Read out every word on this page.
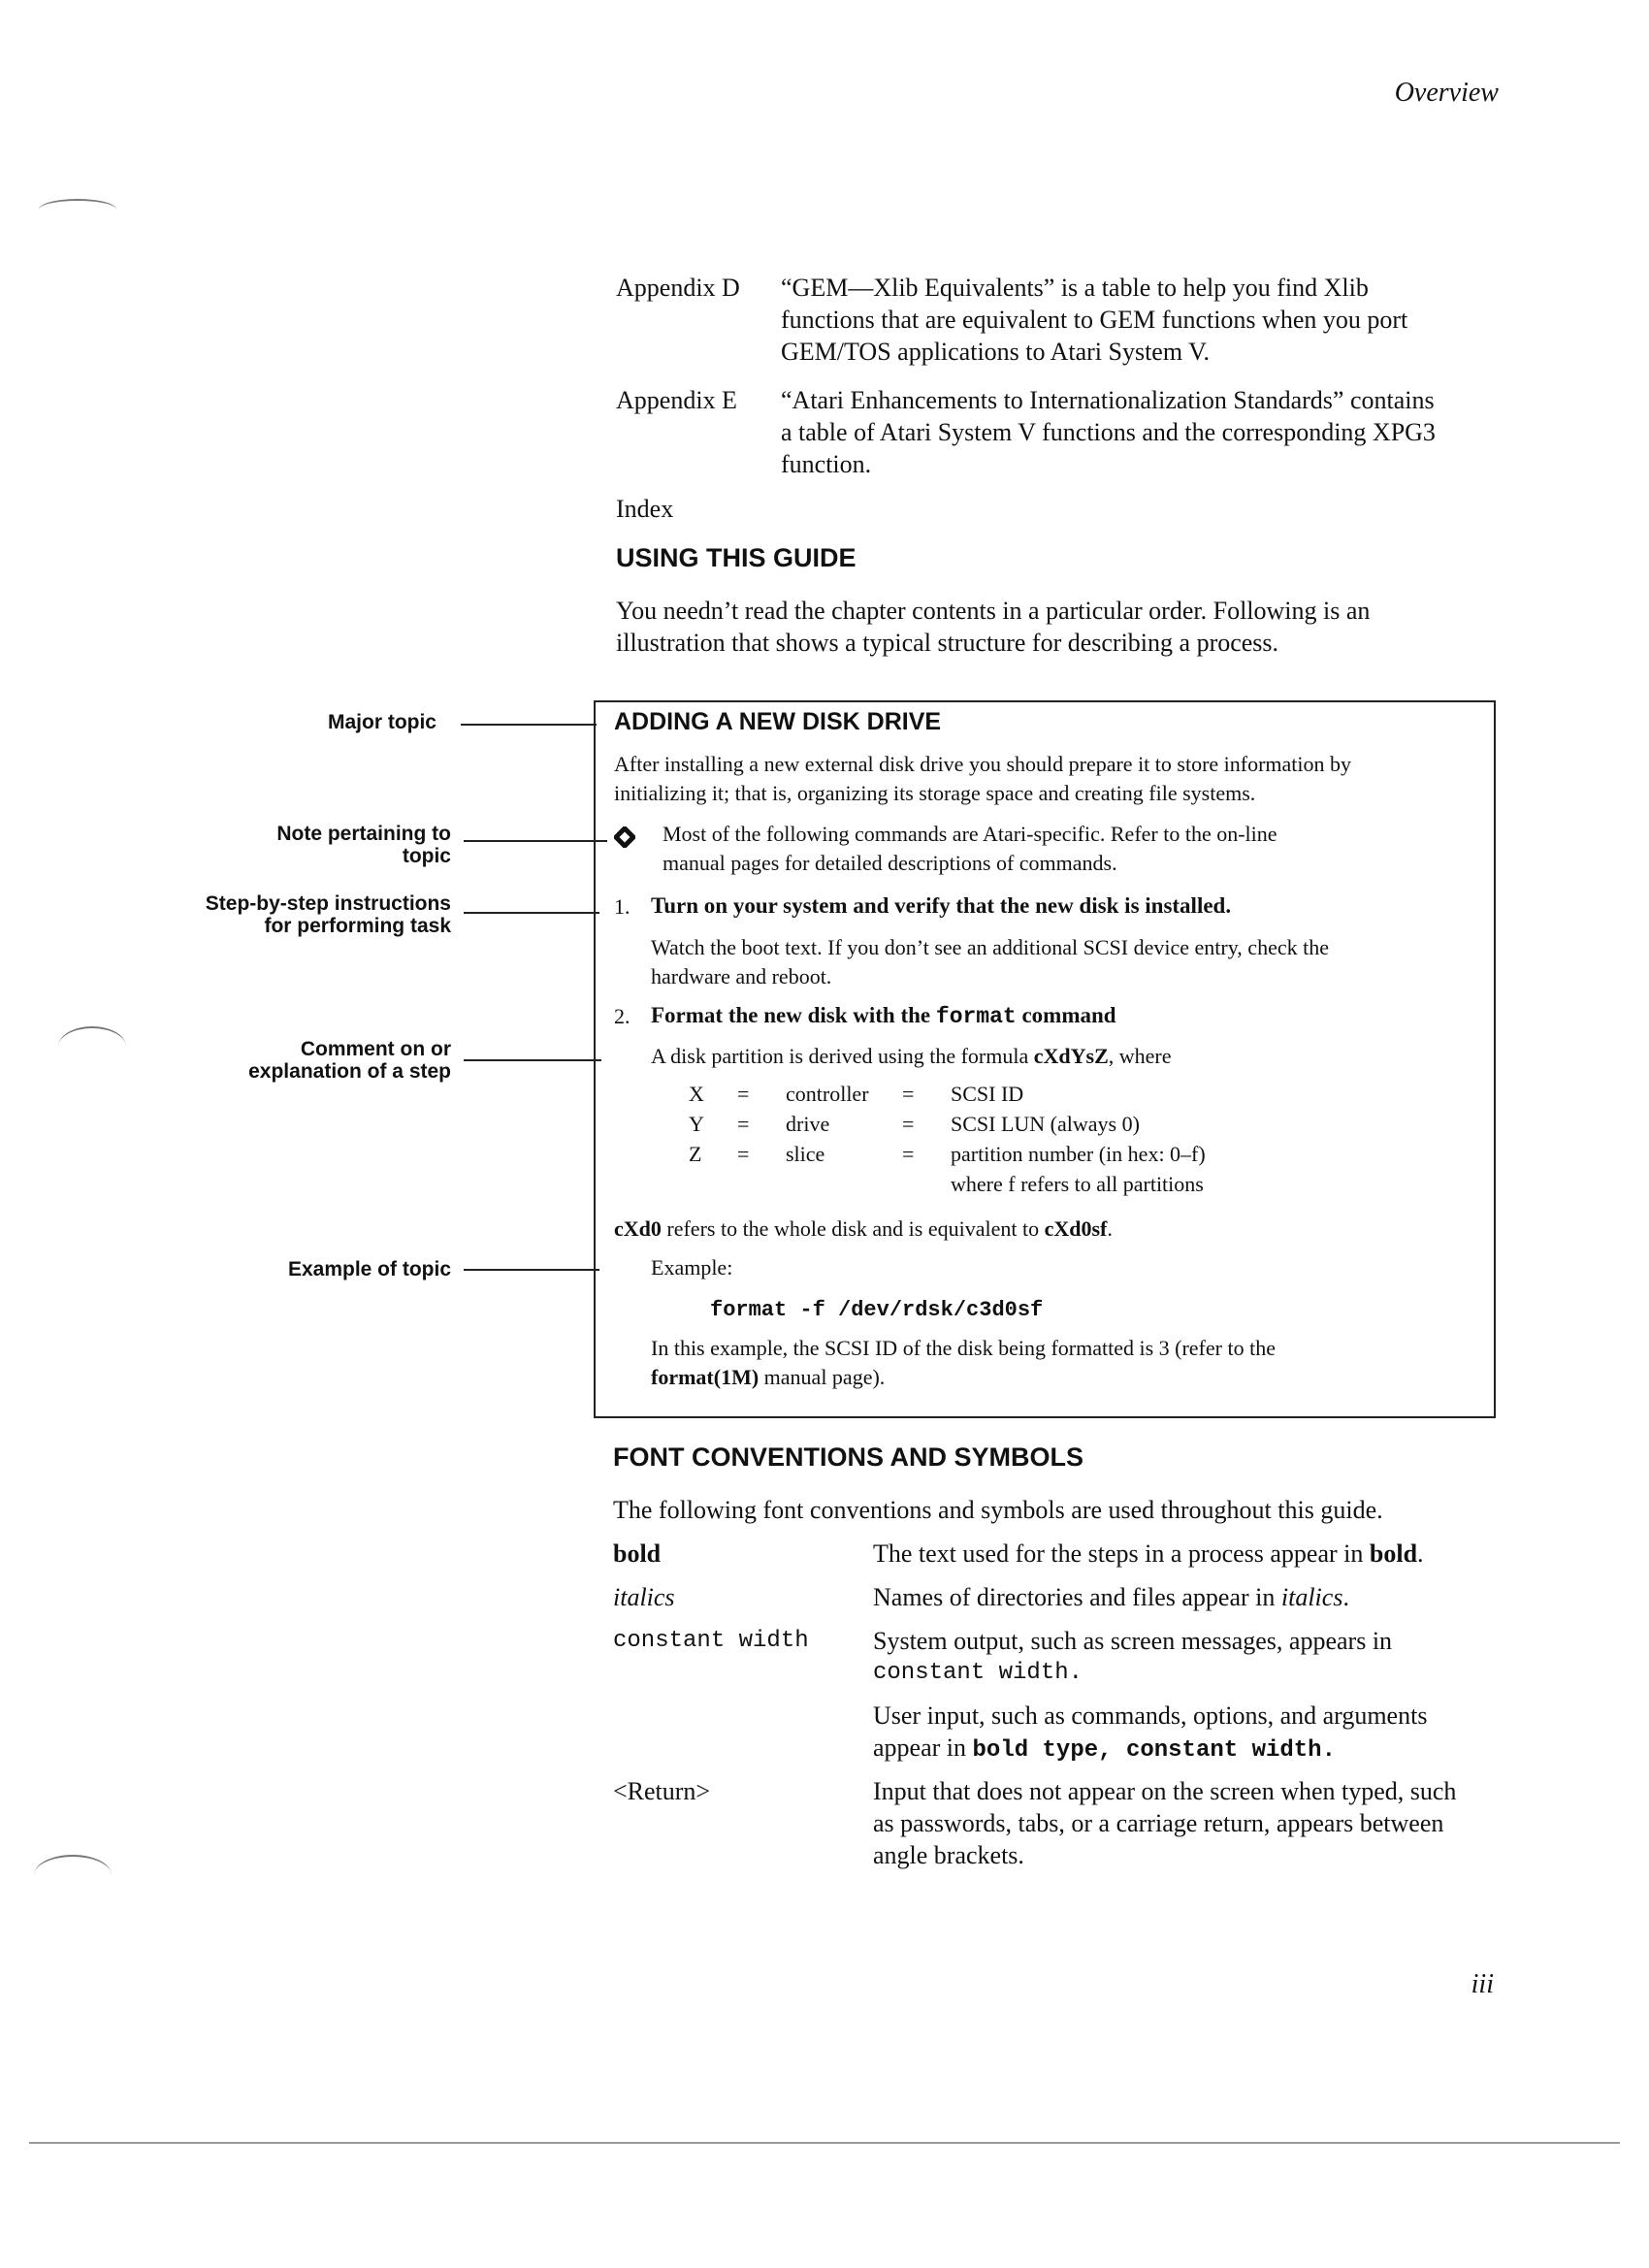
Overview
Appendix D	“GEM—Xlib Equivalents” is a table to help you find Xlib
functions that are equivalent to GEM functions when you port
GEM/TOS applications to Atari System V.
Appendix E	“Atari Enhancements to Internationalization Standards” contains
a table of Atari System V functions and the corresponding XPG3
function.
Index
USING THIS GUIDE
You needn’t read the chapter contents in a particular order. Following is an
illustration that shows a typical structure for describing a process.
Major topic
Note pertaining to
topic
Step-by-step instructions
for performing task
Comment on or
explanation of a step
Example of topic
ADDING A NEW DISK DRIVE
After installing a new external disk drive you should prepare it to store information by
initializing it; that is, organizing its storage space and creating file systems.
Most of the following commands are Atari-specific. Refer to the on-line
manual pages for detailed descriptions of commands.
1. Turn on your system and verify that the new disk is installed.
Watch the boot text. If you don’t see an additional SCSI device entry, check the
hardware and reboot.
2. Format the new disk with the format command
A disk partition is derived using the formula cXdYsZ, where
X = controller = SCSI ID
Y = drive	= SCSI LUN (always 0)
Z = slice	= partition number (in hex: 0–f)
where f refers to all partitions
cXd0 refers to the whole disk and is equivalent to cXd0sf.
Example:
format -f /dev/rdsk/c3d0sf
In this example, the SCSI ID of the disk being formatted is 3 (refer to the
format(1M) manual page).
FONT CONVENTIONS AND SYMBOLS
The following font conventions and symbols are used throughout this guide.
bold	The text used for the steps in a process appear in bold.
italics	Names of directories and files appear in italics.
constant width	System output, such as screen messages, appears in
constant width.
User input, such as commands, options, and arguments
appear in bold type, constant width.
<Return>	Input that does not appear on the screen when typed, such
as passwords, tabs, or a carriage return, appears between
angle brackets.
iii
